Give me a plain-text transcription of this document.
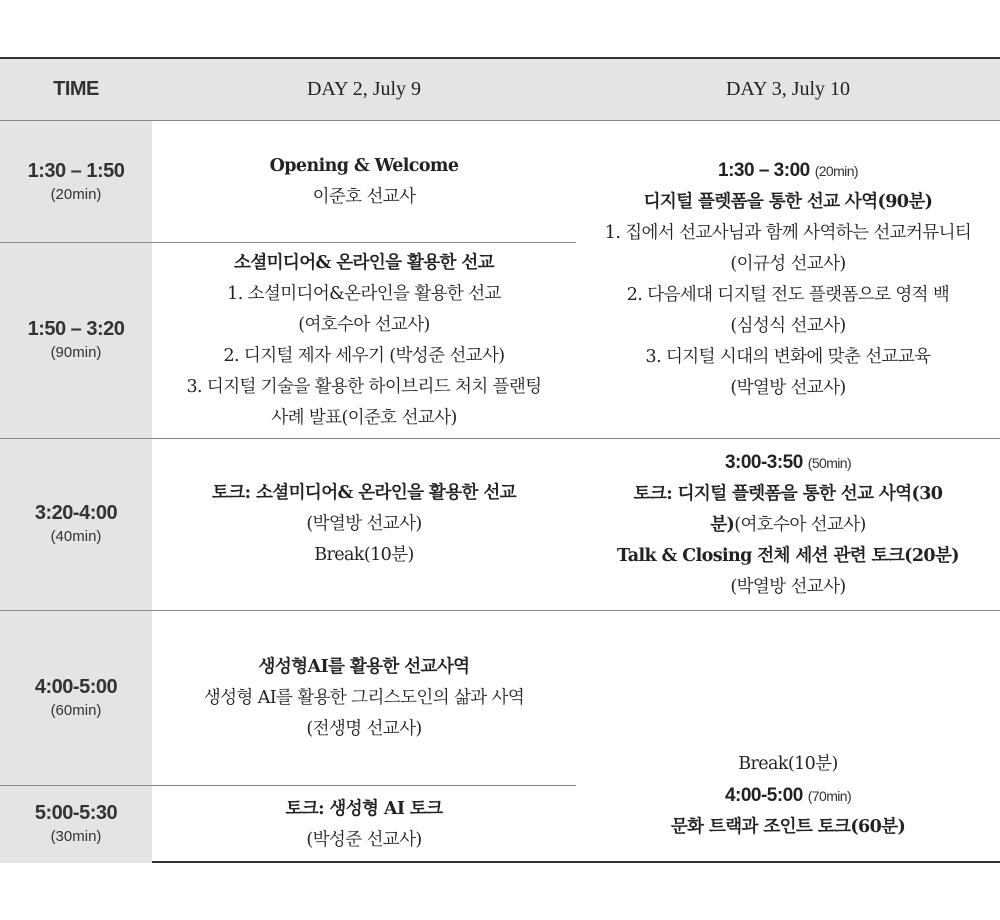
TIME	DAY 2, July 9	DAY 3, July 10
1:30 – 1:50
(20min)
1:50 – 3:20
(90min)
3:20-4:00
(40min)
4:00-5:00
(60min)
5:00-5:30
(30min)
Opening & Welcome
이준호 선교사
소셜미디어& 온라인을 활용한 선교
1. 소셜미디어&온라인을 활용한 선교
(여호수아 선교사)
2. 디지털 제자 세우기 (박성준 선교사)
3. 디지털 기술을 활용한 하이브리드 처치 플랜팅
사례 발표(이준호 선교사)
토크: 소셜미디어& 온라인을 활용한 선교
(박열방 선교사)
Break(10분)
생성형AI를 활용한 선교사역
생성형 AI를 활용한 그리스도인의 삶과 사역
(전생명 선교사)
토크: 생성형 AI 토크
(박성준 선교사)
1:30 – 3:00 (20min)
디지털 플렛폼을 통한 선교 사역(90분)
1. 집에서 선교사님과 함께 사역하는 선교커뮤니티
(이규성 선교사)
2. 다음세대 디지털 전도 플랫폼으로 영적 백
(심성식 선교사)
3. 디지털 시대의 변화에 맞춘 선교교육
(박열방 선교사)
3:00-3:50 (50min)
토크: 디지털 플렛폼을 통한 선교 사역(30
분)(여호수아 선교사)
Talk & Closing 전체 세션 관련 토크(20분)
(박열방 선교사)
Break(10분)
4:00-5:00 (70min)
문화 트랙과 조인트 토크(60분)
